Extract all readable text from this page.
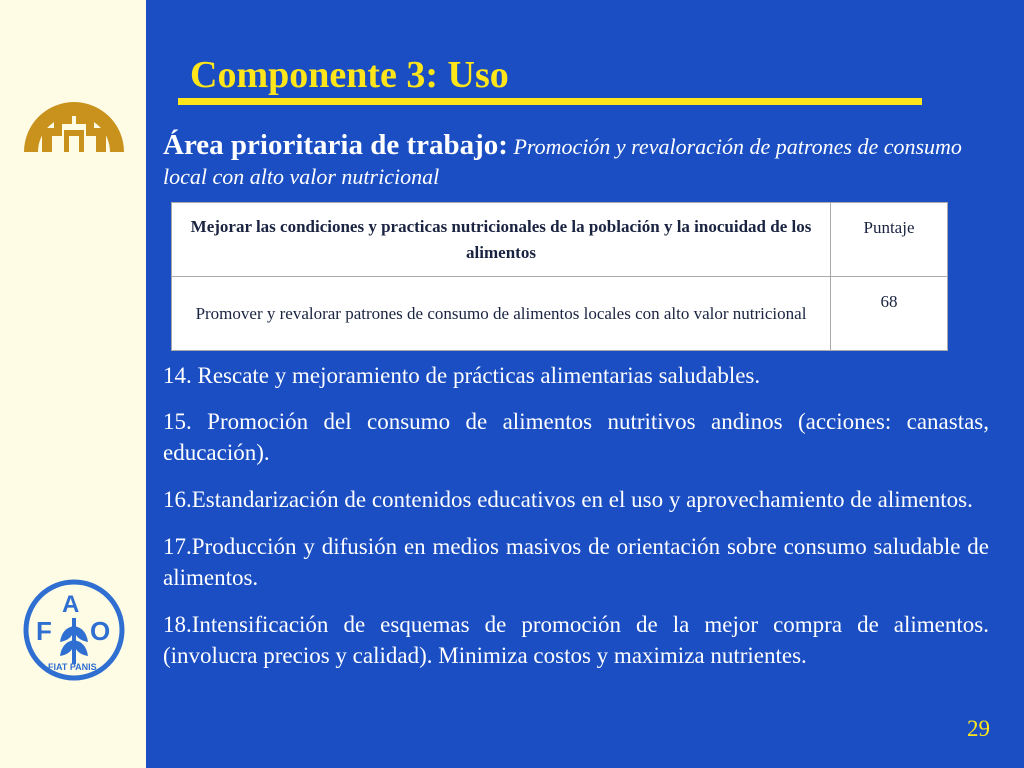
F
A
O
FIAT PANIS
Componente 3: Uso

Área prioritaria de trabajo: Promoción y revaloración de patrones de consumo local con alto valor nutricional

Mejorar las condiciones y practicas nutricionales de la población y la inocuidad de los alimentos	Puntaje
Promover y revalorar patrones de consumo de alimentos locales con alto valor nutricional	68
14. Rescate y mejoramiento de prácticas alimentarias saludables.
15. Promoción del consumo de alimentos nutritivos andinos (acciones: canastas, educación).
16.Estandarización de contenidos educativos en el uso y aprovechamiento de alimentos.
17.Producción y difusión en medios masivos de orientación sobre consumo saludable de alimentos.
18.Intensificación de esquemas de promoción de la mejor compra de alimentos. (involucra precios y calidad). Minimiza costos y maximiza nutrientes.
29
